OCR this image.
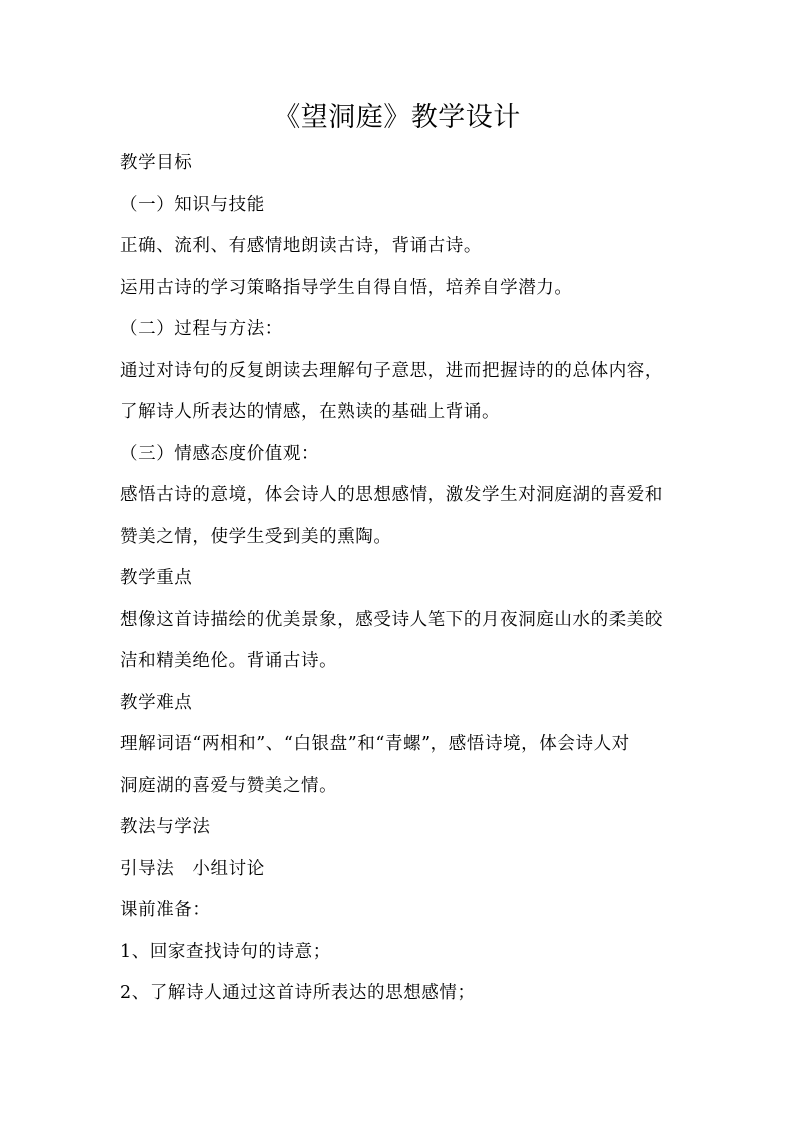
《望洞庭》教学设计
教学目标
（一）知识与技能
正确、流利、有感情地朗读古诗，背诵古诗。
运用古诗的学习策略指导学生自得自悟，培养自学潜力。
（二）过程与方法：
通过对诗句的反复朗读去理解句子意思，进而把握诗的的总体内容，
了解诗人所表达的情感，在熟读的基础上背诵。
（三）情感态度价值观：
感悟古诗的意境，体会诗人的思想感情，激发学生对洞庭湖的喜爱和
赞美之情，使学生受到美的熏陶。
教学重点
想像这首诗描绘的优美景象，感受诗人笔下的月夜洞庭山水的柔美皎
洁和精美绝伦。背诵古诗。
教学难点
理解词语“两相和”、“白银盘”和“青螺”，感悟诗境，体会诗人对
洞庭湖的喜爱与赞美之情。
教法与学法
引导法　小组讨论
课前准备：
1、回家查找诗句的诗意；
2、了解诗人通过这首诗所表达的思想感情；
